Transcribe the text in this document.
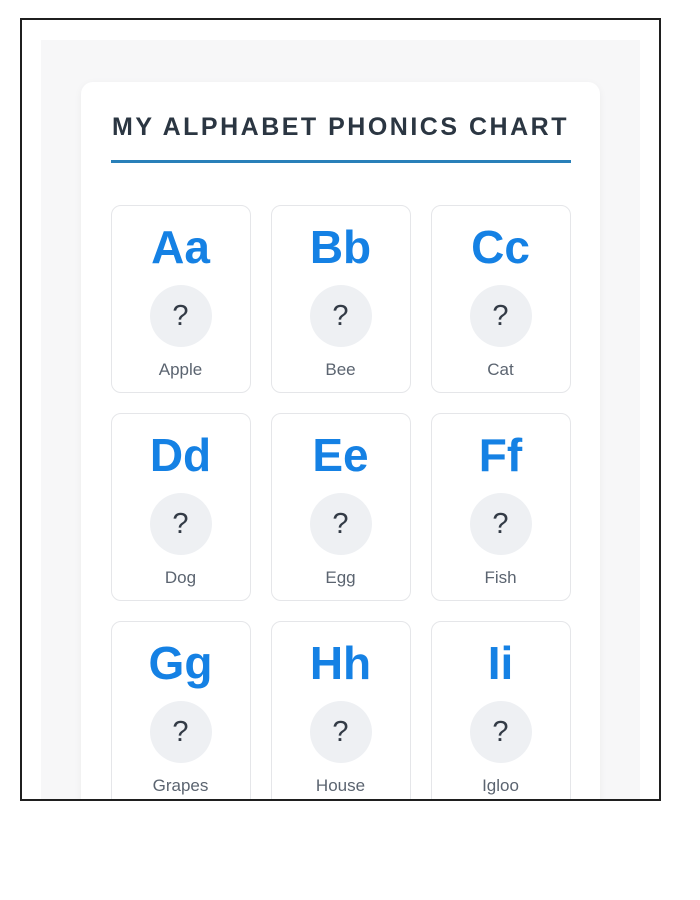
MY ALPHABET PHONICS CHART
Aa
?
Apple
Bb
?
Bee
Cc
?
Cat
Dd
?
Dog
Ee
?
Egg
Ff
?
Fish
Gg
?
Grapes
Hh
?
House
Ii
?
Igloo
